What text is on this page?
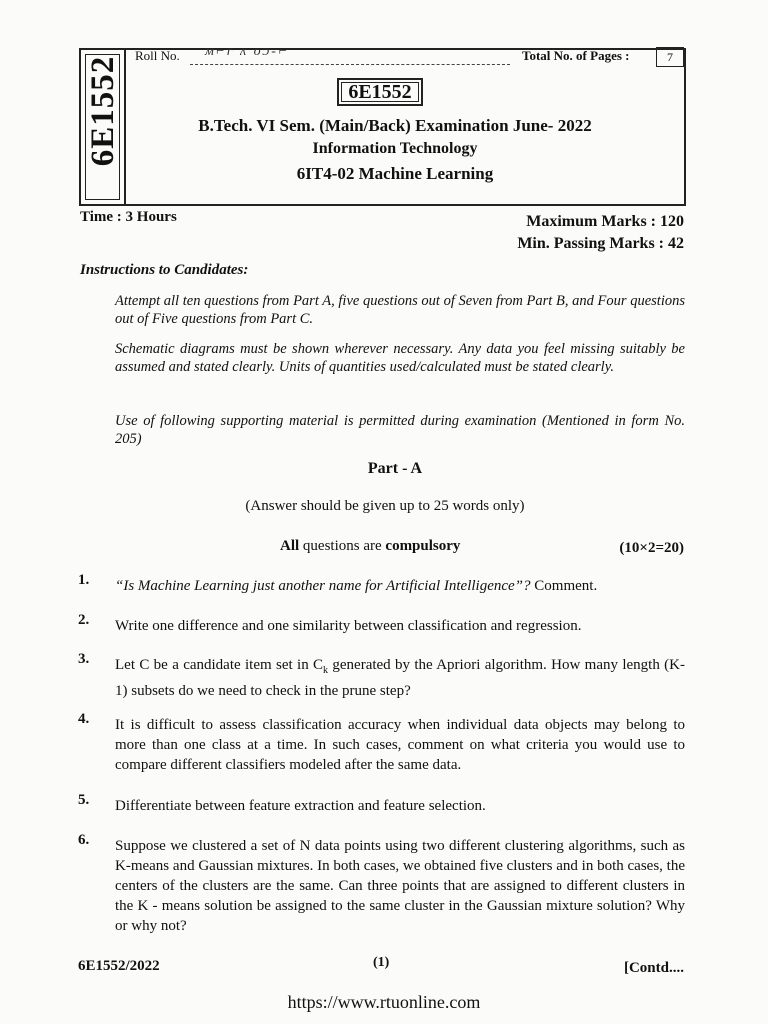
6E1552
Roll No. ᴍ⌐ᴦ ʌ ᴏᴐ-⌐	Total No. of Pages :	7
6E1552
B.Tech. VI Sem. (Main/Back) Examination June- 2022
Information Technology
6IT4-02 Machine Learning
Time : 3 Hours	Maximum Marks : 120
Min. Passing Marks : 42
Instructions to Candidates:
Attempt all ten questions from Part A, five questions out of Seven from Part B, and Four questions out of Five questions from Part C.
Schematic diagrams must be shown wherever necessary. Any data you feel missing suitably be assumed and stated clearly. Units of quantities used/calculated must be stated clearly.
Use of following supporting material is permitted during examination (Mentioned in form No. 205)
Part - A
(Answer should be given up to 25 words only)
All questions are compulsory	(10×2=20)
1. “Is Machine Learning just another name for Artificial Intelligence”? Comment.
2. Write one difference and one similarity between classification and regression.
3. Let C be a candidate item set in $C_k$ generated by the Apriori algorithm. How many length (K-1) subsets do we need to check in the prune step?
4. It is difficult to assess classification accuracy when individual data objects may belong to more than one class at a time. In such cases, comment on what criteria you would use to compare different classifiers modeled after the same data.
5. Differentiate between feature extraction and feature selection.
6. Suppose we clustered a set of N data points using two different clustering algorithms, such as K-means and Gaussian mixtures. In both cases, we obtained five clusters and in both cases, the centers of the clusters are the same. Can three points that are assigned to different clusters in the K - means solution be assigned to the same cluster in the Gaussian mixture solution? Why or why not?
6E1552/2022	(1)	[Contd....
https://www.rtuonline.com
